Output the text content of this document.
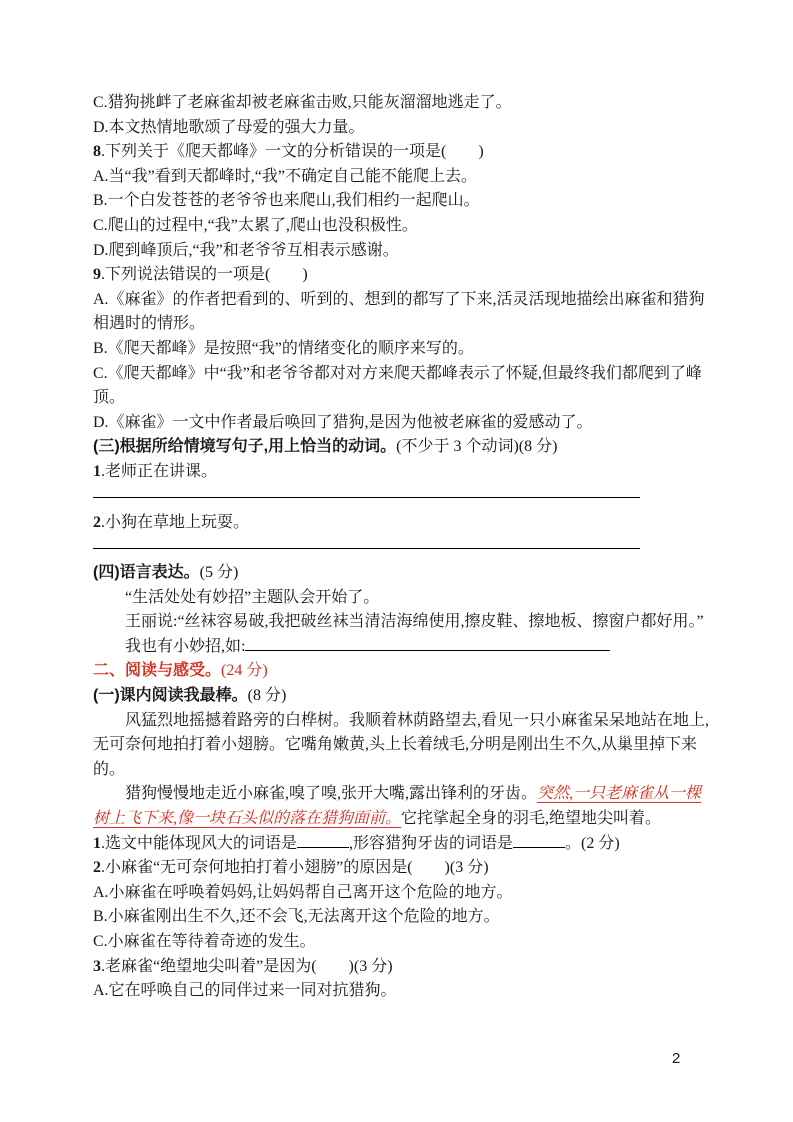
C.猎狗挑衅了老麻雀却被老麻雀击败,只能灰溜溜地逃走了。
D.本文热情地歌颂了母爱的强大力量。
8.下列关于《爬天都峰》一文的分析错误的一项是(　　)
A.当“我”看到天都峰时,“我”不确定自己能不能爬上去。
B.一个白发苍苍的老爷爷也来爬山,我们相约一起爬山。
C.爬山的过程中,“我”太累了,爬山也没积极性。
D.爬到峰顶后,“我”和老爷爷互相表示感谢。
9.下列说法错误的一项是(　　)
A.《麻雀》的作者把看到的、听到的、想到的都写了下来,活灵活现地描绘出麻雀和猎狗相遇时的情形。
B.《爬天都峰》是按照“我”的情绪变化的顺序来写的。
C.《爬天都峰》中“我”和老爷爷都对对方来爬天都峰表示了怀疑,但最终我们都爬到了峰顶。
D.《麻雀》一文中作者最后唤回了猎狗,是因为他被老麻雀的爱感动了。
(三)根据所给情境写句子,用上恰当的动词。(不少于 3 个动词)(8 分)
1.老师正在讲课。
2.小狗在草地上玩耍。
(四)语言表达。(5 分)
“生活处处有妙招”主题队会开始了。
王丽说:“丝袜容易破,我把破丝袜当清洁海绵使用,擦皮鞋、擦地板、擦窗户都好用。”
我也有小妙招,如:
二、阅读与感受。(24 分)
(一)课内阅读我最棒。(8 分)
风猛烈地摇撼着路旁的白桦树。我顺着林荫路望去,看见一只小麻雀呆呆地站在地上,无可奈何地拍打着小翅膀。它嘴角嫩黄,头上长着绒毛,分明是刚出生不久,从巢里掉下来的。
猎狗慢慢地走近小麻雀,嗅了嗅,张开大嘴,露出锋利的牙齿。突然,一只老麻雀从一棵树上飞下来,像一块石头似的落在猎狗面前。它挓挲起全身的羽毛,绝望地尖叫着。
1.选文中能体现风大的词语是	,形容猎狗牙齿的词语是	。(2 分)
2.小麻雀“无可奈何地拍打着小翅膀”的原因是(　　)(3 分)
A.小麻雀在呼唤着妈妈,让妈妈帮自己离开这个危险的地方。
B.小麻雀刚出生不久,还不会飞,无法离开这个危险的地方。
C.小麻雀在等待着奇迹的发生。
3.老麻雀“绝望地尖叫着”是因为(　　)(3 分)
A.它在呼唤自己的同伴过来一同对抗猎狗。
2
